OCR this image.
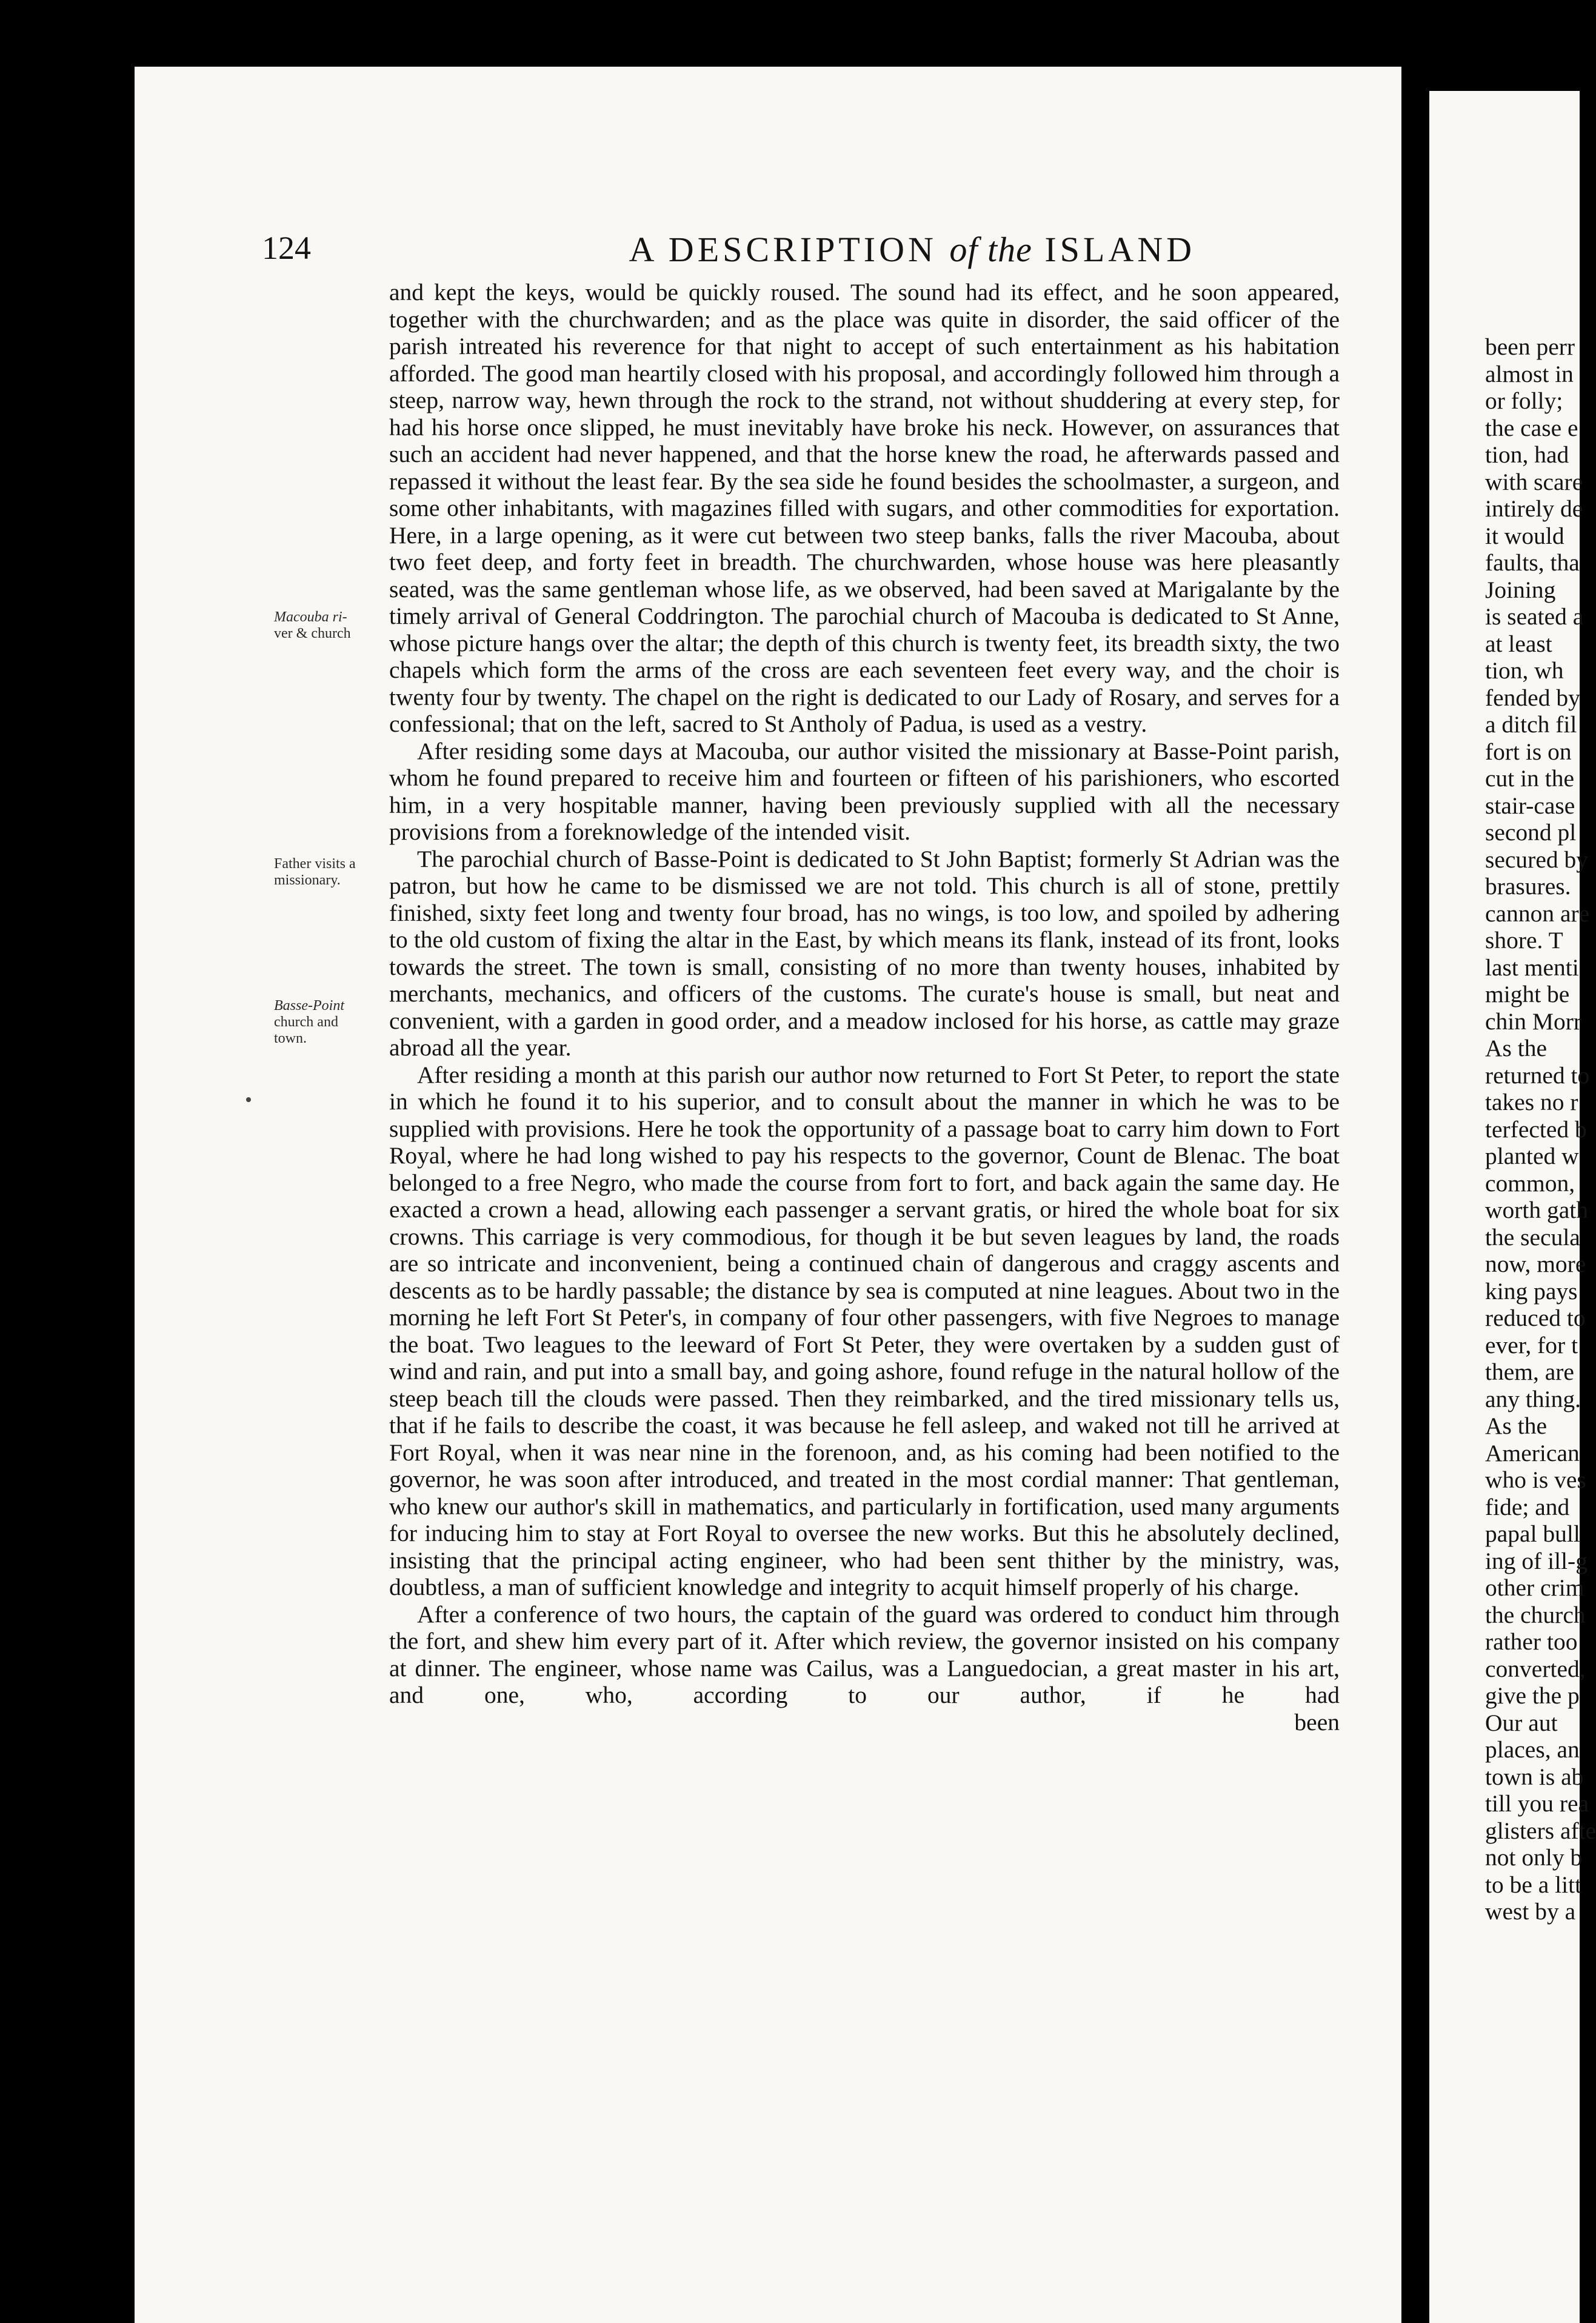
been perr
almost in
or folly;
the case e
tion, had
with scare
intirely de
it would
faults, tha
Joining
is seated a
at least
tion, wh
fended by
a ditch fil
fort is on
cut in the
stair-case
second pl
secured by
brasures.
cannon are
shore. T
last menti
might be
chin Morr
As the
returned to
takes no r
terfected b
planted w
common,
worth gath
the secula
now, more
king pays
reduced to
ever, for t
them, are
any thing.
As the
American
who is ves
fide; and
papal bull
ing of ill-g
other crim
the church
rather too
converted,
give the p
Our aut
places, an
town is ab
till you rea
glisters afte
not only b
to be a litt
west by a
124	A DESCRIPTION of the ISLAND
Macouba ri-
ver & church
Father visits a
missionary.
Basse-Point
church and
town.

and kept the keys, would be quickly roused. The sound had its effect, and he soon appeared, together with the churchwarden; and as the place was quite in disorder, the said officer of the parish intreated his reverence for that night to accept of such entertainment as his habitation afforded. The good man heartily closed with his proposal, and accordingly followed him through a steep, narrow way, hewn through the rock to the strand, not without shuddering at every step, for had his horse once slipped, he must inevitably have broke his neck. However, on assurances that such an accident had never happened, and that the horse knew the road, he afterwards passed and repassed it without the least fear. By the sea side he found besides the schoolmaster, a surgeon, and some other inhabitants, with magazines filled with sugars, and other commodities for exportation. Here, in a large opening, as it were cut between two steep banks, falls the river Macouba, about two feet deep, and forty feet in breadth. The churchwarden, whose house was here pleasantly seated, was the same gentleman whose life, as we observed, had been saved at Marigalante by the timely arrival of General Coddrington. The parochial church of Macouba is dedicated to St Anne, whose picture hangs over the altar; the depth of this church is twenty feet, its breadth sixty, the two chapels which form the arms of the cross are each seventeen feet every way, and the choir is twenty four by twenty. The chapel on the right is dedicated to our Lady of Rosary, and serves for a confessional; that on the left, sacred to St Antholy of Padua, is used as a vestry.

After residing some days at Macouba, our author visited the missionary at Basse-Point parish, whom he found prepared to receive him and fourteen or fifteen of his parishioners, who escorted him, in a very hospitable manner, having been previously supplied with all the necessary provisions from a foreknowledge of the intended visit.

The parochial church of Basse-Point is dedicated to St John Baptist; formerly St Adrian was the patron, but how he came to be dismissed we are not told. This church is all of stone, prettily finished, sixty feet long and twenty four broad, has no wings, is too low, and spoiled by adhering to the old custom of fixing the altar in the East, by which means its flank, instead of its front, looks towards the street. The town is small, consisting of no more than twenty houses, inhabited by merchants, mechanics, and officers of the customs. The curate's house is small, but neat and convenient, with a garden in good order, and a meadow inclosed for his horse, as cattle may graze abroad all the year.

After residing a month at this parish our author now returned to Fort St Peter, to report the state in which he found it to his superior, and to consult about the manner in which he was to be supplied with provisions. Here he took the opportunity of a passage boat to carry him down to Fort Royal, where he had long wished to pay his respects to the governor, Count de Blenac. The boat belonged to a free Negro, who made the course from fort to fort, and back again the same day. He exacted a crown a head, allowing each passenger a servant gratis, or hired the whole boat for six crowns. This carriage is very commodious, for though it be but seven leagues by land, the roads are so intricate and inconvenient, being a continued chain of dangerous and craggy ascents and descents as to be hardly passable; the distance by sea is computed at nine leagues. About two in the morning he left Fort St Peter's, in company of four other passengers, with five Negroes to manage the boat. Two leagues to the leeward of Fort St Peter, they were overtaken by a sudden gust of wind and rain, and put into a small bay, and going ashore, found refuge in the natural hollow of the steep beach till the clouds were passed. Then they reimbarked, and the tired missionary tells us, that if he fails to describe the coast, it was because he fell asleep, and waked not till he arrived at Fort Royal, when it was near nine in the forenoon, and, as his coming had been notified to the governor, he was soon after introduced, and treated in the most cordial manner: That gentleman, who knew our author's skill in mathematics, and particularly in fortification, used many arguments for inducing him to stay at Fort Royal to oversee the new works. But this he absolutely declined, insisting that the principal acting engineer, who had been sent thither by the ministry, was, doubtless, a man of sufficient knowledge and integrity to acquit himself properly of his charge.

After a conference of two hours, the captain of the guard was ordered to conduct him through the fort, and shew him every part of it. After which review, the governor insisted on his company at dinner. The engineer, whose name was Cailus, was a Languedocian, a great master in his art, and one, who, according to our author, if he had

been
